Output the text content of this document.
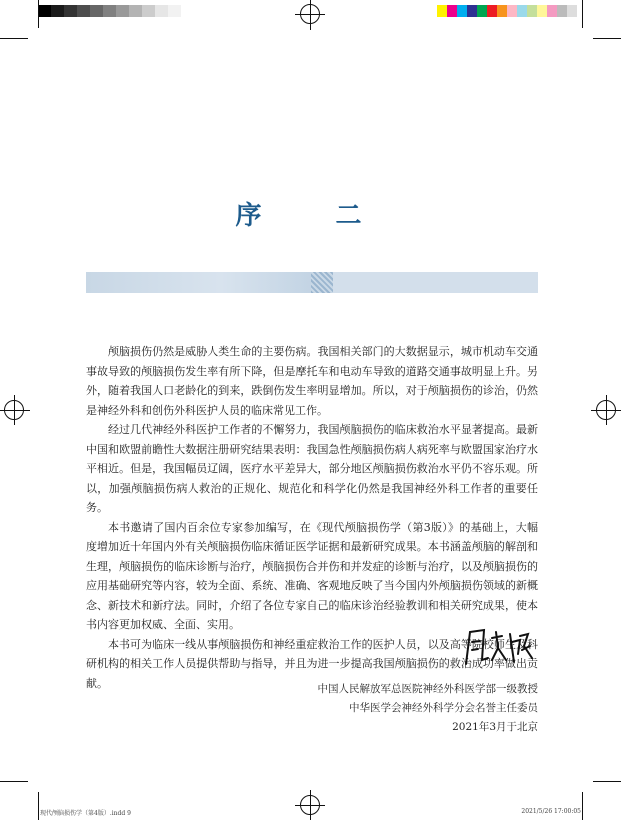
序　二

颅脑损伤仍然是威胁人类生命的主要伤病。我国相关部门的大数据显示，城市机动车交通事故导致的颅脑损伤发生率有所下降，但是摩托车和电动车导致的道路交通事故明显上升。另外，随着我国人口老龄化的到来，跌倒伤发生率明显增加。所以，对于颅脑损伤的诊治，仍然是神经外科和创伤外科医护人员的临床常见工作。

经过几代神经外科医护工作者的不懈努力，我国颅脑损伤的临床救治水平显著提高。最新中国和欧盟前瞻性大数据注册研究结果表明：我国急性颅脑损伤病人病死率与欧盟国家治疗水平相近。但是，我国幅员辽阔，医疗水平差异大，部分地区颅脑损伤救治水平仍不容乐观。所以，加强颅脑损伤病人救治的正规化、规范化和科学化仍然是我国神经外科工作者的重要任务。

本书邀请了国内百余位专家参加编写，在《现代颅脑损伤学（第3版）》的基础上，大幅度增加近十年国内外有关颅脑损伤临床循证医学证据和最新研究成果。本书涵盖颅脑的解剖和生理，颅脑损伤的临床诊断与治疗，颅脑损伤合并伤和并发症的诊断与治疗，以及颅脑损伤的应用基础研究等内容，较为全面、系统、准确、客观地反映了当今国内外颅脑损伤领域的新概念、新技术和新疗法。同时，介绍了各位专家自己的临床诊治经验教训和相关研究成果，使本书内容更加权威、全面、实用。

本书可为临床一线从事颅脑损伤和神经重症救治工作的医护人员，以及高等院校师生及科研机构的相关工作人员提供帮助与指导，并且为进一步提高我国颅脑损伤的救治成功率做出贡献。	中国人民解放军总医院神经外科医学部一级教授
中华医学会神经外科学分会名誉主任委员
2021年3月于北京
现代颅脑损伤学（第4版）.indd 9	2021/5/26 17:00:05
